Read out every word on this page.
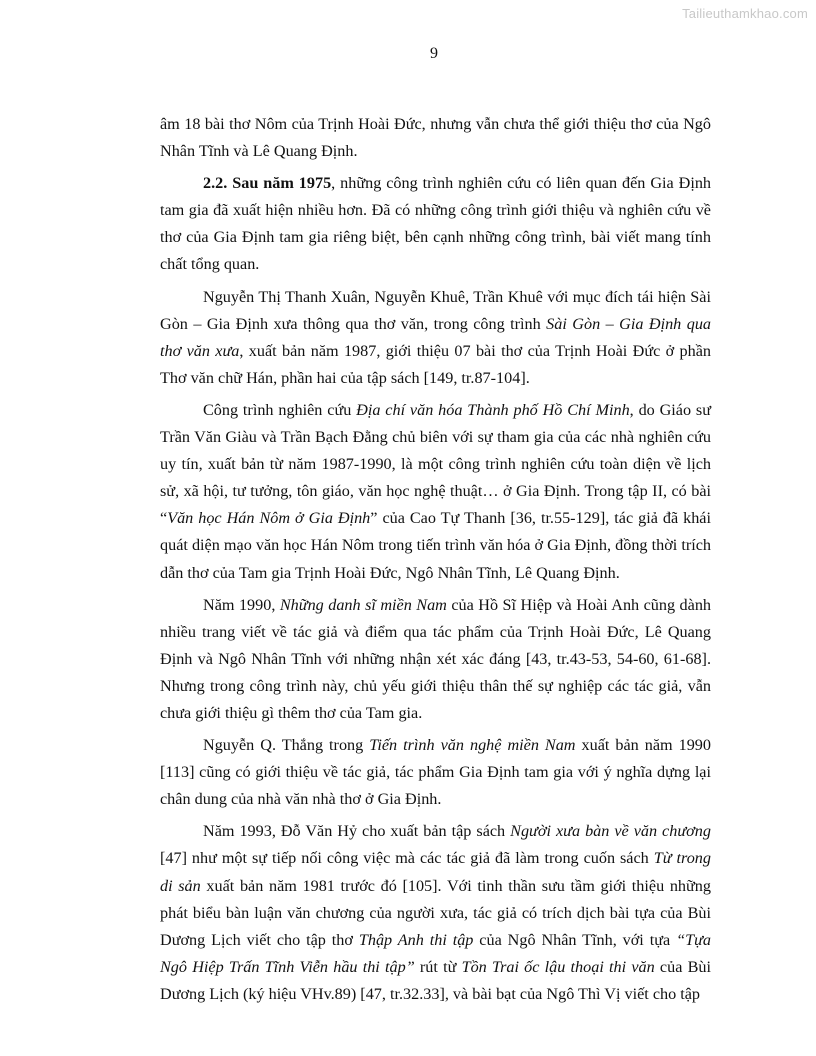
Tailieuthamkhao.com
9

âm 18 bài thơ Nôm của Trịnh Hoài Đức, nhưng vẫn chưa thể giới thiệu thơ của Ngô Nhân Tĩnh và Lê Quang Định.

2.2. Sau năm 1975, những công trình nghiên cứu có liên quan đến Gia Định tam gia đã xuất hiện nhiều hơn. Đã có những công trình giới thiệu và nghiên cứu về thơ của Gia Định tam gia riêng biệt, bên cạnh những công trình, bài viết mang tính chất tổng quan.

Nguyễn Thị Thanh Xuân, Nguyễn Khuê, Trần Khuê với mục đích tái hiện Sài Gòn – Gia Định xưa thông qua thơ văn, trong công trình Sài Gòn – Gia Định qua thơ văn xưa, xuất bản năm 1987, giới thiệu 07 bài thơ của Trịnh Hoài Đức ở phần Thơ văn chữ Hán, phần hai của tập sách [149, tr.87-104].

Công trình nghiên cứu Địa chí văn hóa Thành phố Hồ Chí Minh, do Giáo sư Trần Văn Giàu và Trần Bạch Đằng chủ biên với sự tham gia của các nhà nghiên cứu uy tín, xuất bản từ năm 1987-1990, là một công trình nghiên cứu toàn diện về lịch sử, xã hội, tư tưởng, tôn giáo, văn học nghệ thuật… ở Gia Định. Trong tập II, có bài “Văn học Hán Nôm ở Gia Định” của Cao Tự Thanh [36, tr.55-129], tác giả đã khái quát diện mạo văn học Hán Nôm trong tiến trình văn hóa ở Gia Định, đồng thời trích dẫn thơ của Tam gia Trịnh Hoài Đức, Ngô Nhân Tĩnh, Lê Quang Định.

Năm 1990, Những danh sĩ miền Nam của Hồ Sĩ Hiệp và Hoài Anh cũng dành nhiều trang viết về tác giả và điểm qua tác phẩm của Trịnh Hoài Đức, Lê Quang Định và Ngô Nhân Tĩnh với những nhận xét xác đáng [43, tr.43-53, 54-60, 61-68]. Nhưng trong công trình này, chủ yếu giới thiệu thân thế sự nghiệp các tác giả, vẫn chưa giới thiệu gì thêm thơ của Tam gia.

Nguyễn Q. Thắng trong Tiến trình văn nghệ miền Nam xuất bản năm 1990 [113] cũng có giới thiệu về tác giả, tác phẩm Gia Định tam gia với ý nghĩa dựng lại chân dung của nhà văn nhà thơ ở Gia Định.

Năm 1993, Đỗ Văn Hỷ cho xuất bản tập sách Người xưa bàn về văn chương [47] như một sự tiếp nối công việc mà các tác giả đã làm trong cuốn sách Từ trong di sản xuất bản năm 1981 trước đó [105]. Với tinh thần sưu tầm giới thiệu những phát biểu bàn luận văn chương của người xưa, tác giả có trích dịch bài tựa của Bùi Dương Lịch viết cho tập thơ Thập Anh thi tập của Ngô Nhân Tĩnh, với tựa “Tựa Ngô Hiệp Trấn Tĩnh Viễn hầu thi tập” rút từ Tồn Trai ốc lậu thoại thi văn của Bùi Dương Lịch (ký hiệu VHv.89) [47, tr.32.33], và bài bạt của Ngô Thì Vị viết cho tập
